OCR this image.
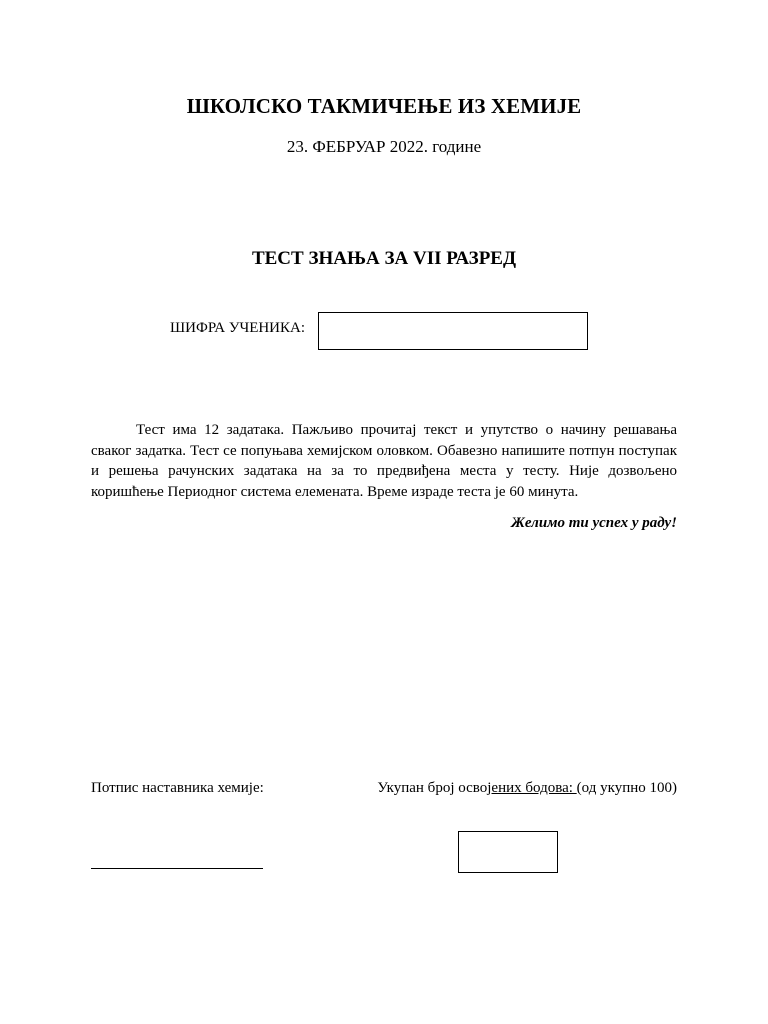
ШКОЛСКО ТАКМИЧЕЊЕ ИЗ ХЕМИЈЕ
23. ФЕБРУАР 2022. године
ТЕСТ ЗНАЊА ЗА VII РАЗРЕД
ШИФРА УЧЕНИКА:

Тест има 12 задатака. Пажљиво прочитај текст и упутство о начину решавања сваког задатка. Тест се попуњава хемијском оловком. Обавезно напишите потпун поступак и решења рачунских задатака на за то предвиђена места у тесту. Није дозвољено коришћење Периодног система елемената. Време израде теста је 60 минута.

Желимо ти успех у раду!
Потпис наставника хемије:	Укупан број освојених бодова: (од укупно 100)
